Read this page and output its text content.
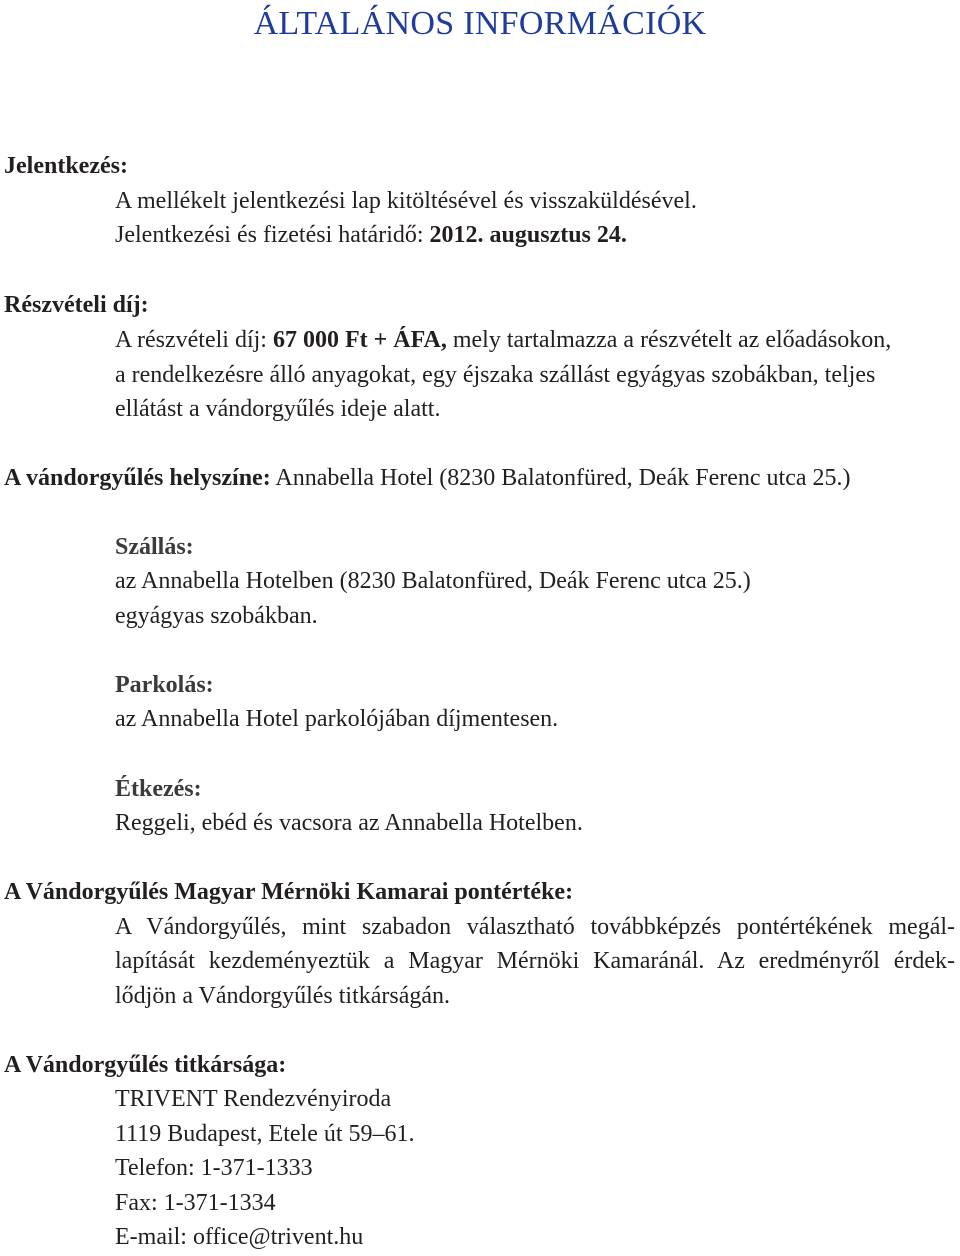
ÁLTALÁNOS INFORMÁCIÓK

Jelentkezés:

A mellékelt jelentkezési lap kitöltésével és visszaküldésével.

Jelentkezési és fizetési határidő: 2012. augusztus 24.

Részvételi díj:

A részvételi díj: 67 000 Ft + ÁFA, mely tartalmazza a részvételt az előadásokon,

a rendelkezésre álló anyagokat, egy éjszaka szállást egyágyas szobákban, teljes

ellátást a vándorgyűlés ideje alatt.

A vándorgyűlés helyszíne: Annabella Hotel (8230 Balatonfüred, Deák Ferenc utca 25.)

Szállás:

az Annabella Hotelben (8230 Balatonfüred, Deák Ferenc utca 25.)

egyágyas szobákban.

Parkolás:

az Annabella Hotel parkolójában díjmentesen.

Étkezés:

Reggeli, ebéd és vacsora az Annabella Hotelben.

A Vándorgyűlés Magyar Mérnöki Kamarai pontértéke:

A Vándorgyűlés, mint szabadon választható továbbképzés pontértékének megál-

lapítását kezdeményeztük a Magyar Mérnöki Kamaránál. Az eredményről érdek-

lődjön a Vándorgyűlés titkárságán.

A Vándorgyűlés titkársága:

TRIVENT Rendezvényiroda

1119 Budapest, Etele út 59–61.

Telefon: 1-371-1333

Fax: 1-371-1334

E-mail: office@trivent.hu
